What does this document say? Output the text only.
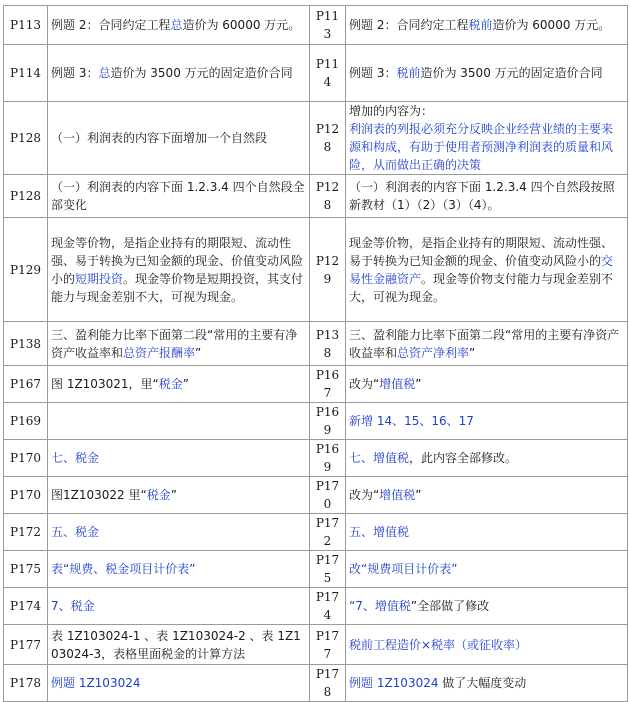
P113	例题 2：合同约定工程总造价为 60000 万元。	P113	例题 2：合同约定工程税前造价为 60000 万元。
P114	例题 3：总造价为 3500 万元的固定造价合同	P114	例题 3：税前造价为 3500 万元的固定造价合同
P128	（一）利润表的内容下面增加一个自然段	P128	增加的内容为：
利润表的列报必须充分反映企业经营业绩的主要来源和构成，有助于使用者预测净利润表的质量和风险，从而做出正确的决策
P128	（一）利润表的内容下面 1.2.3.4 四个自然段全部变化	P128	（一）利润表的内容下面 1.2.3.4 四个自然段按照新教材（1）（2）（3）（4）。
P129	现金等价物，是指企业持有的期限短、流动性强、易于转换为已知金额的现金、价值变动风险小的短期投资。现金等价物是短期投资，其支付能力与现金差别不大，可视为现金。	P129	现金等价物，是指企业持有的期限短、流动性强、易于转换为已知金额的现金、价值变动风险小的交易性金融资产。现金等价物支付能力与现金差别不大，可视为现金。
P138	三、盈利能力比率下面第二段“常用的主要有净资产收益率和总资产报酬率”	P138	三、盈利能力比率下面第二段“常用的主要有净资产收益率和总资产净利率”
P167	图 1Z103021，里“税金”	P167	改为“增值税”
P169		P169	新增 14、15、16、17
P170	七、税金	P169	七、增值税，此内容全部修改。
P170	图1Z103022 里“税金”	P170	改为“增值税”
P172	五、税金	P172	五、增值税
P175	表“规费、税金项目计价表”	P175	改“规费项目计价表”
P174	7、税金	P174	“7、增值税”全部做了修改
P177	表 1Z103024-1 、表 1Z103024-2 、表 1Z103024-3，表格里面税金的计算方法	P177	税前工程造价×税率（或征收率）
P178	例题 1Z103024	P178	例题 1Z103024 做了大幅度变动
